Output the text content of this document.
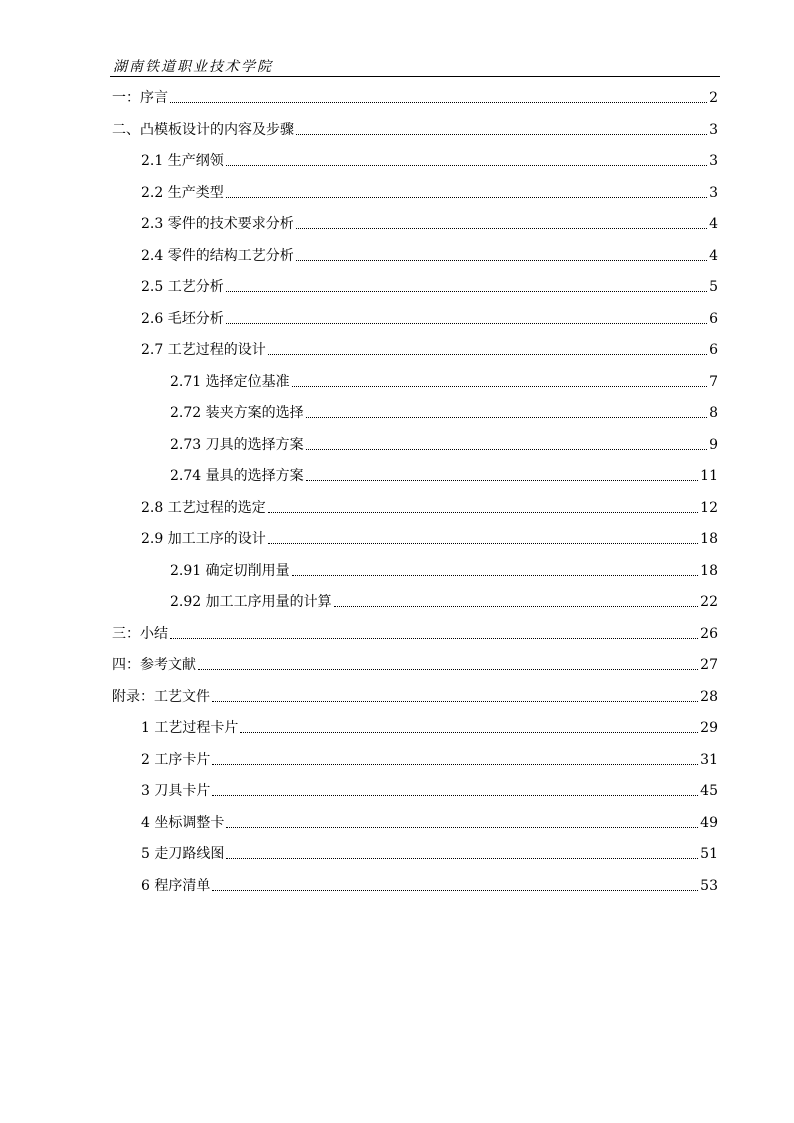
湖南铁道职业技术学院
一：序言	2
二、凸模板设计的内容及步骤	3
2.1 生产纲领	3
2.2 生产类型	3
2.3 零件的技术要求分析	4
2.4 零件的结构工艺分析	4
2.5 工艺分析	5
2.6 毛坯分析	6
2.7 工艺过程的设计	6
2.71 选择定位基准	7
2.72 装夹方案的选择	8
2.73 刀具的选择方案	9
2.74 量具的选择方案	11
2.8 工艺过程的选定	12
2.9 加工工序的设计	18
2.91 确定切削用量	18
2.92 加工工序用量的计算	22
三：小结	26
四：参考文献	27
附录：工艺文件	28
1 工艺过程卡片	29
2 工序卡片	31
3 刀具卡片	45
4 坐标调整卡	49
5 走刀路线图	51
6 程序清单	53
